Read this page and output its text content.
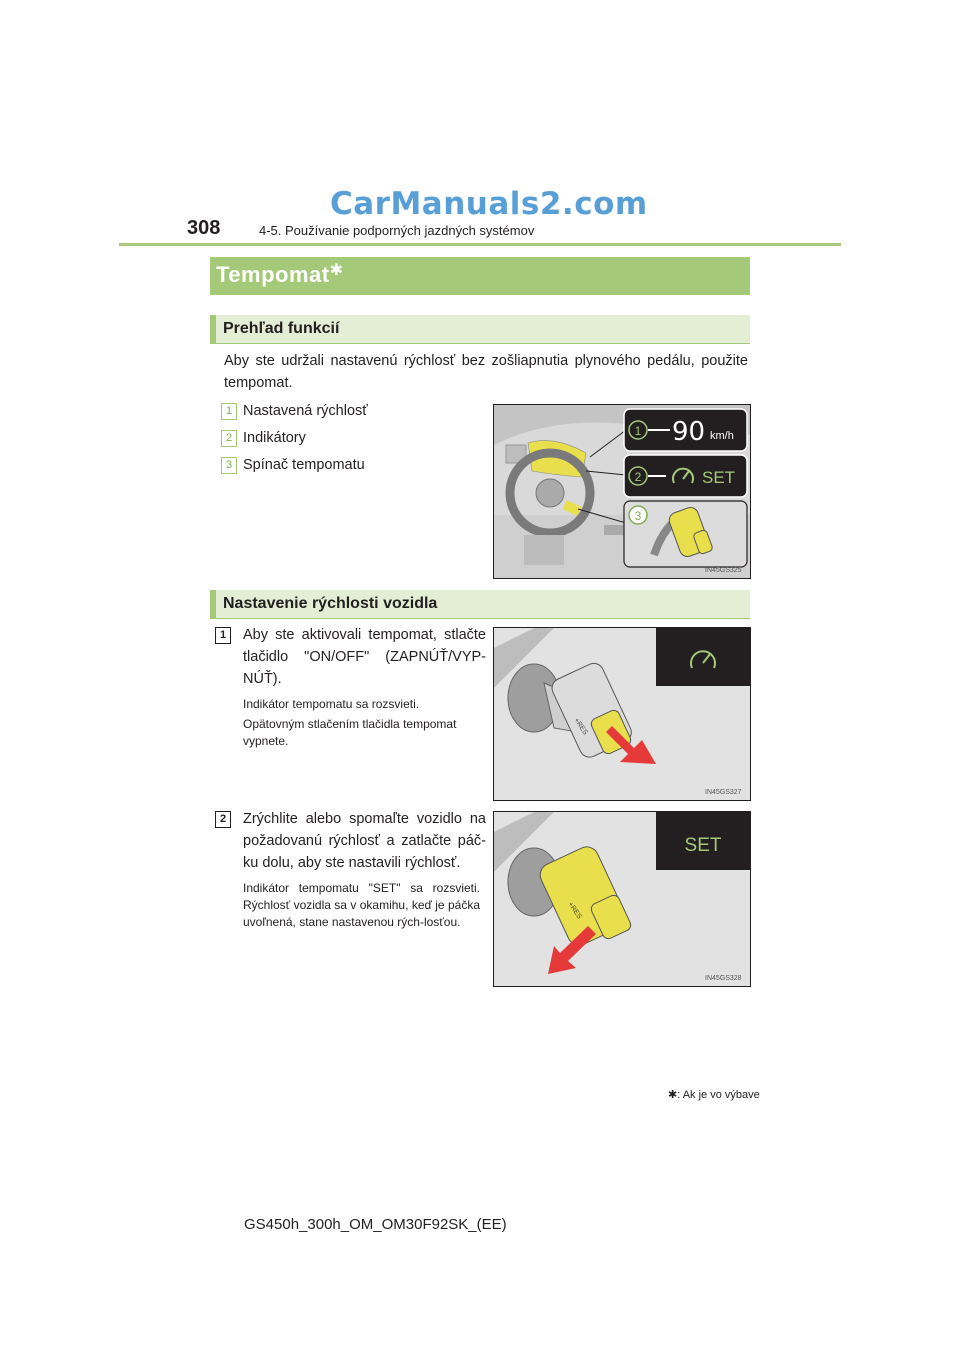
CarManuals2.com
308	4-5. Používanie podporných jazdných systémov
Tempomat✱
Prehľad funkcií
Aby ste udržali nastavenú rýchlosť bez zošliapnutia plynového pedálu, použite tempomat.
1 Nastavená rýchlosť
2 Indikátory
3 Spínač tempomatu
1 90 km/h
2	SET
3
IN45GS325
Nastavenie rýchlosti vozidla
1	Aby ste aktivovali tempomat, stlačte tlačidlo "ON/OFF" (ZAPNÚŤ/VYP-NÚŤ).
Indikátor tempomatu sa rozsvieti.
Opätovným stlačením tlačidla tempomat vypnete.
+RES
IN45GS327
2	Zrýchlite alebo spomaľte vozidlo na požadovanú rýchlosť a zatlačte páč-ku dolu, aby ste nastavili rýchlosť.
Indikátor tempomatu "SET" sa rozsvieti. Rýchlosť vozidla sa v okamihu, keď je páčka uvoľnená, stane nastavenou rých-losťou.
+RES
SET
IN45GS328
✱: Ak je vo výbave
GS450h_300h_OM_OM30F92SK_(EE)
